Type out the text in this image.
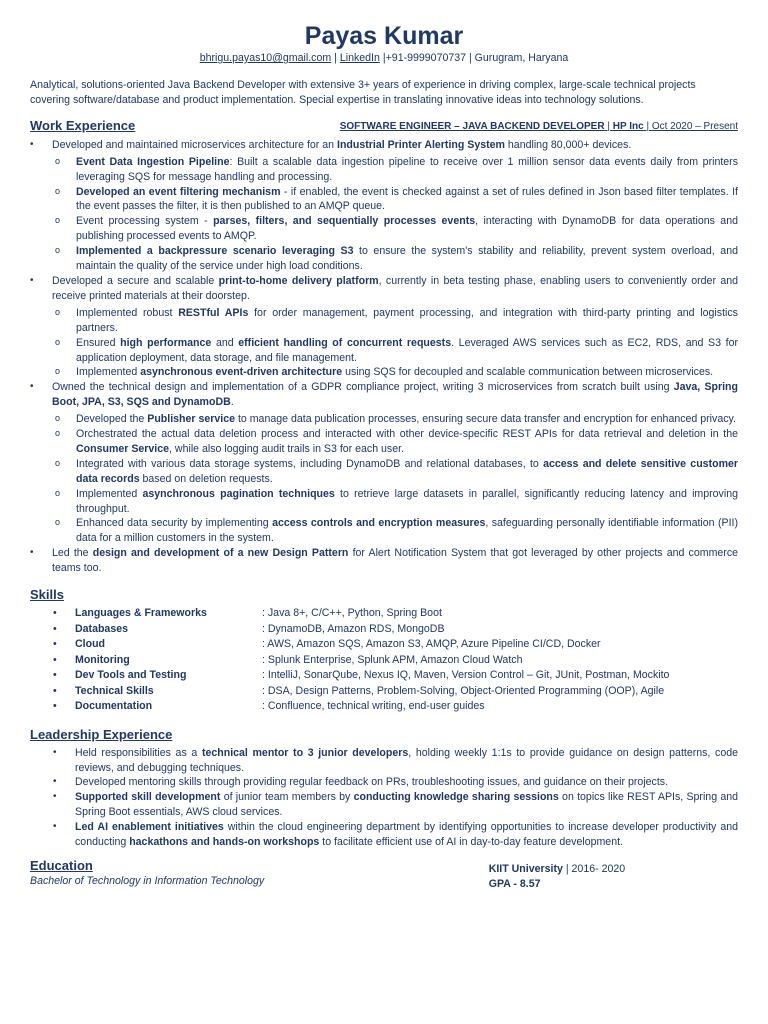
Payas Kumar
bhrigu.payas10@gmail.com | LinkedIn |+91-9999070737 | Gurugram, Haryana

Analytical, solutions-oriented Java Backend Developer with extensive 3+ years of experience in driving complex, large-scale technical projects covering software/database and product implementation. Special expertise in translating innovative ideas into technology solutions.

Work Experience	SOFTWARE ENGINEER – JAVA BACKEND DEVELOPER | HP Inc | Oct 2020 – Present
• Developed and maintained microservices architecture for an Industrial Printer Alerting System handling 80,000+ devices.
o Event Data Ingestion Pipeline: Built a scalable data ingestion pipeline to receive over 1 million sensor data events daily from printers leveraging SQS for message handling and processing.
o Developed an event filtering mechanism - if enabled, the event is checked against a set of rules defined in Json based filter templates. If the event passes the filter, it is then published to an AMQP queue.
o Event processing system - parses, filters, and sequentially processes events, interacting with DynamoDB for data operations and publishing processed events to AMQP.
o Implemented a backpressure scenario leveraging S3 to ensure the system's stability and reliability, prevent system overload, and maintain the quality of the service under high load conditions.
• Developed a secure and scalable print-to-home delivery platform, currently in beta testing phase, enabling users to conveniently order and receive printed materials at their doorstep.
o Implemented robust RESTful APIs for order management, payment processing, and integration with third-party printing and logistics partners.
o Ensured high performance and efficient handling of concurrent requests. Leveraged AWS services such as EC2, RDS, and S3 for application deployment, data storage, and file management.
o Implemented asynchronous event-driven architecture using SQS for decoupled and scalable communication between microservices.
• Owned the technical design and implementation of a GDPR compliance project, writing 3 microservices from scratch built using Java, Spring Boot, JPA, S3, SQS and DynamoDB.
o Developed the Publisher service to manage data publication processes, ensuring secure data transfer and encryption for enhanced privacy.
o Orchestrated the actual data deletion process and interacted with other device-specific REST APIs for data retrieval and deletion in the Consumer Service, while also logging audit trails in S3 for each user.
o Integrated with various data storage systems, including DynamoDB and relational databases, to access and delete sensitive customer data records based on deletion requests.
o Implemented asynchronous pagination techniques to retrieve large datasets in parallel, significantly reducing latency and improving throughput.
o Enhanced data security by implementing access controls and encryption measures, safeguarding personally identifiable information (PII) data for a million customers in the system.
• Led the design and development of a new Design Pattern for Alert Notification System that got leveraged by other projects and commerce teams too.
Skills
•	Languages & Frameworks	: Java 8+, C/C++, Python, Spring Boot
•	Databases	: DynamoDB, Amazon RDS, MongoDB
•	Cloud	: AWS, Amazon SQS, Amazon S3, AMQP, Azure Pipeline CI/CD, Docker
•	Monitoring	: Splunk Enterprise, Splunk APM, Amazon Cloud Watch
•	Dev Tools and Testing	: IntelliJ, SonarQube, Nexus IQ, Maven, Version Control – Git, JUnit, Postman, Mockito
•	Technical Skills	: DSA, Design Patterns, Problem-Solving, Object-Oriented Programming (OOP), Agile
•	Documentation	: Confluence, technical writing, end-user guides
Leadership Experience
• Held responsibilities as a technical mentor to 3 junior developers, holding weekly 1:1s to provide guidance on design patterns, code reviews, and debugging techniques.
• Developed mentoring skills through providing regular feedback on PRs, troubleshooting issues, and guidance on their projects.
• Supported skill development of junior team members by conducting knowledge sharing sessions on topics like REST APIs, Spring and Spring Boot essentials, AWS cloud services.
• Led AI enablement initiatives within the cloud engineering department by identifying opportunities to increase developer productivity and conducting hackathons and hands-on workshops to facilitate efficient use of AI in day-to-day feature development.
Education
Bachelor of Technology in Information Technology
KIIT University | 2016- 2020
GPA - 8.57
